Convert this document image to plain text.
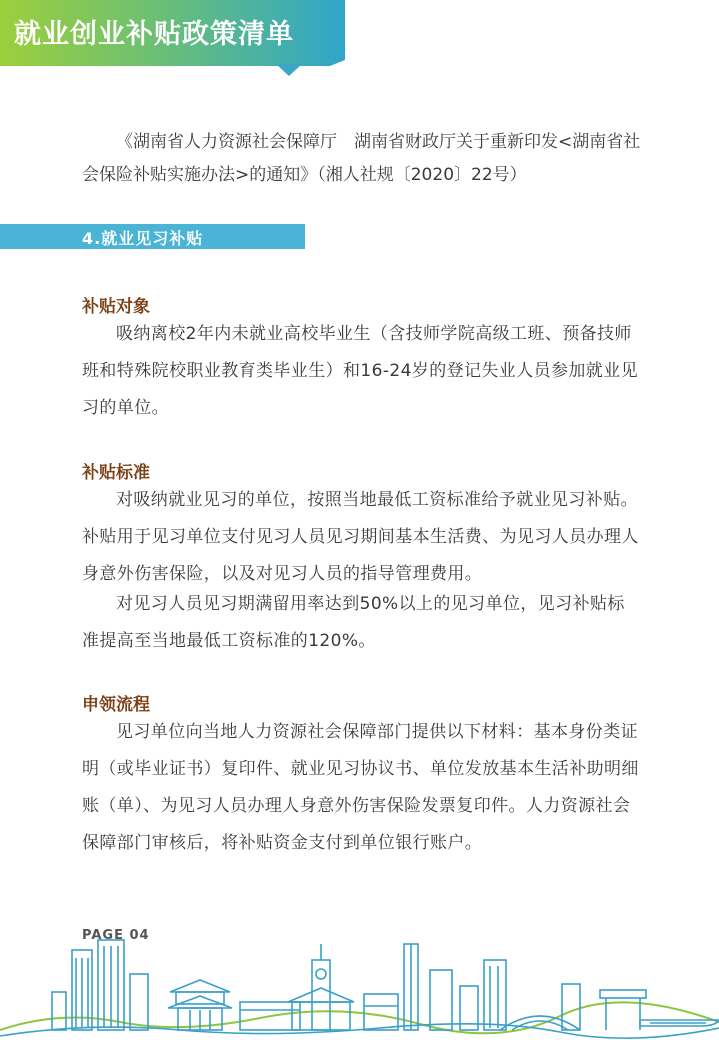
就业创业补贴政策清单
《湖南省人力资源社会保障厅　湖南省财政厅关于重新印发<湖南省社会保险补贴实施办法>的通知》（湘人社规〔2020〕22号）
4.就业见习补贴
补贴对象
吸纳离校2年内未就业高校毕业生（含技师学院高级工班、预备技师班和特殊院校职业教育类毕业生）和16-24岁的登记失业人员参加就业见习的单位。
补贴标准
对吸纳就业见习的单位，按照当地最低工资标准给予就业见习补贴。补贴用于见习单位支付见习人员见习期间基本生活费、为见习人员办理人身意外伤害保险，以及对见习人员的指导管理费用。
对见习人员见习期满留用率达到50%以上的见习单位，见习补贴标准提高至当地最低工资标准的120%。
申领流程
见习单位向当地人力资源社会保障部门提供以下材料：基本身份类证明（或毕业证书）复印件、就业见习协议书、单位发放基本生活补助明细账（单）、为见习人员办理人身意外伤害保险发票复印件。人力资源社会保障部门审核后，将补贴资金支付到单位银行账户。
PAGE 04
